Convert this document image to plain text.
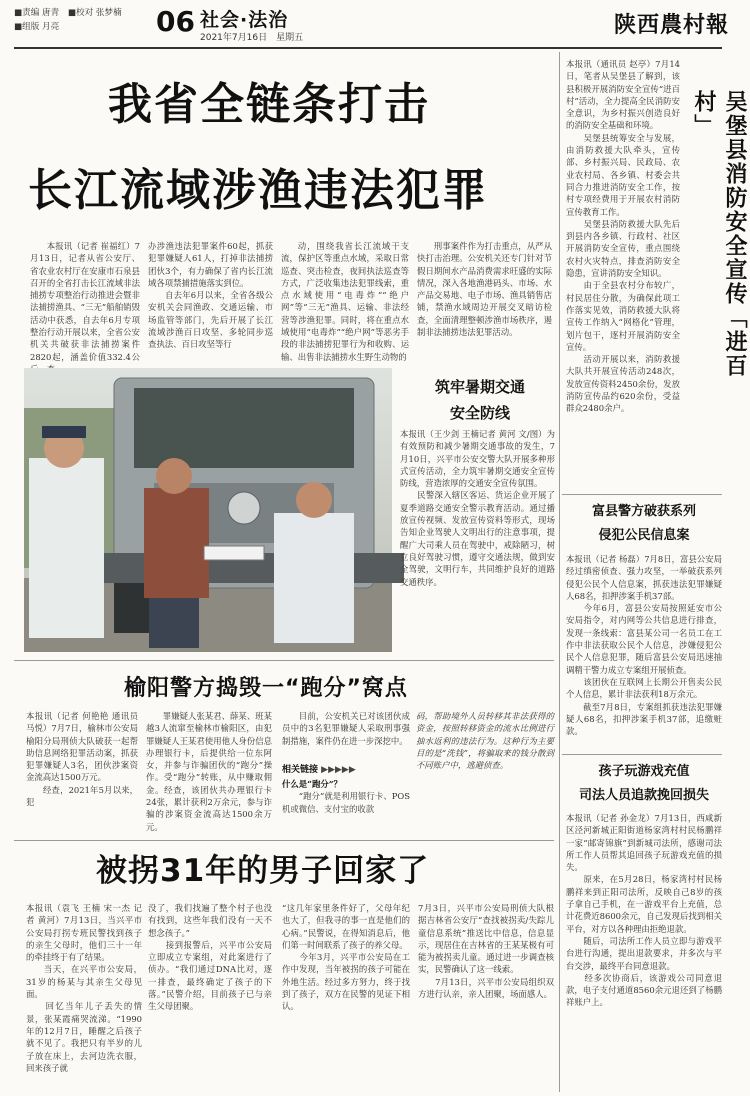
■责编 唐青　 ■校对 张梦楠
■组版 月亮	06 社会·法治
2021年7月16日　星期五	陕西農村報
我省全链条打击
长江流域涉渔违法犯罪

本报讯（记者 崔福红）7月13日，记者从省公安厅、省农业农村厅在安康市石泉县召开的全省打击长江流域非法捕捞专项整治行动推进会暨非法捕捞渔具、“三无”船舶销毁活动中获悉，自去年6月专项整治行动开展以来，全省公安机关共破获非法捕捞案件2820起，涵盖价值332.4公

办涉渔违法犯罪案件60起，抓获犯罪嫌疑人61人，打掉非法捕捞团伙3个，有力确保了省内长江流域各项禁捕措施落实到位。
　　自去年6月以来，全省各级公安机关会同渔政、交通运输、市场监管等部门，先后开展了长江流域涉渔百日攻坚、多轮同步巡查执法、百日攻坚等行

动，围绕我省长江流域干支流，保护区等重点水域，采取日常巡查、突击检查，夜间执法巡查等方式，广泛收集违法犯罪线索，重点水域使用“电毒炸”“绝户网”等“三无”渔具、运输、非法经营等涉渔犯罪。同时，将在重点水域使用“电毒炸”“绝户网”等恶劣手段的非法捕捞犯罪行为和收购、运输、出售非法捕捞水生野生动物的

刑事案件作为打击重点，从严从快打击治理。公安机关还专门针对节假日期间水产品消费需求旺盛的实际情况，深入各地渔港码头、市场、水产品交易地、电子市场、渔具销售店铺，禁渔水域周边开展交叉暗访检查，全面清理整顿涉渔市场秩序，遏制非法捕捞违法犯罪活动。

筑牢暑期交通
安全防线

本报讯（王少剑 王楠记者 黄河 文/图）为有效预防和减少暑期交通事故的发生，7月10日，兴平市公安交警大队开展多种形式宣传活动，全力筑牢暑期交通安全宣传防线，营造浓厚的交通安全宣传氛围。
　　民警深入辖区客运、货运企业开展了夏季道路交通安全警示教育活动。通过播放宣传视频、发放宣传资料等形式，现场告知企业驾驶人文明出行的注意事项，提醒广大司乘人员在驾驶中，戒除陋习，树立良好驾驶习惯，遵守交通法规，做到安全驾驶，文明行车，共同维护良好的道路交通秩序。

榆阳警方捣毁一“跑分”窝点

本报讯（记者 何艳艳 通讯员 马悦）7月7日，榆林市公安局榆阳分局刑侦大队破获一起帮助信息网络犯罪活动案，抓获犯罪嫌疑人3名，团伙涉案资金流高达1500万元。
　　经查，2021年5月以来，犯

罪嫌疑人张某君、薛某、班某越3人流窜至榆林市榆阳区，由犯罪嫌疑人王某君使用他人身份信息办理银行卡，后提供给一位东阿女，并参与诈骗团伙的“跑分”操作。受“跑分”转账，从中赚取佣金。经查，该团伙共办理银行卡24张，累计获利2万余元，参与诈骗的涉案资金流高达1500余万元。

目前，公安机关已对该团伙成员中的3名犯罪嫌疑人采取刑事强制措施，案件仍在进一步深挖中。

相关链接 ▶▶▶▶▶
什么是“跑分”？

“跑分”就是利用银行卡、POS机或微信、支付宝的收款

码，帮助境外人员转移其非法获得的资金，按照转移资金的流水比例进行抽水返利的违法行为。这种行为主要目的是“洗钱”，将骗取来的钱分散到不同账户中，逃避侦查。

被拐31年的男子回家了

本报讯（袁飞 王楠 宋一杰 记者 黄河）7月13日，当兴平市公安局打拐专班民警找到孩子的亲生父母时，他们三十一年的牵挂终于有了结果。
　　当天，在兴平市公安局，31岁的杨某与其亲生父母见面。
　　回忆当年儿子丢失的情景，张某霞痛哭流涕。“1990年的12月7日，睡醒之后孩子就不见了。我把只有半岁的儿子放在床上，去河边洗衣服，回来孩子就

没了，我们找遍了整个村子也没有找到，这些年我们没有一天不想念孩子。”
　　接到报警后，兴平市公安局立即成立专案组，对此案进行了侦办。“我们通过DNA比对，逐一排查，最终确定了孩子的下落。”民警介绍，目前孩子已与亲生父母团聚。

“这几年家里条件好了，父母年纪也大了，但我寻的事一直是他们的心病。”民警说，在得知消息后，他们第一时间联系了孩子的养父母。
　　今年3月，兴平市公安局在工作中发现，当年被拐的孩子可能在外地生活。经过多方努力，终于找到了孩子，双方在民警的见证下相认。

7月3日，兴平市公安局刑侦大队根据吉林省公安厅“查找被拐卖/失踪儿童信息系统”推送比中信息，信息显示，现居住在吉林省的王某某极有可能为被拐卖儿童。通过进一步调查核实，民警确认了这一线索。
　　7月13日，兴平市公安局组织双方进行认亲，亲人团聚，场面感人。

本报讯（通讯员 赵亭）7月14日，笔者从吴堡县了解到，该县积极开展消防安全宣传“进百村”活动，全力提高全民消防安全意识，为乡村振兴创造良好的消防安全基础和环境。
　　吴堡县统筹安全与发展，由消防救援大队牵头，宣传部、乡村振兴局、民政局、农业农村局、各乡镇、村委会共同合力推进消防安全工作，按村专项经费用于开展农村消防宣传教育工作。
　　吴堡县消防救援大队先后到县内各乡镇、行政村、社区开展消防安全宣传，重点围绕农村火灾特点，排查消防安全隐患，宣讲消防安全知识。
　　由于全县农村分布较广，村民居住分散，为确保此项工作落实见效，消防救援大队将宣传工作纳入“网格化”管理，划片包干，逐村开展消防安全宣传。
　　活动开展以来，消防救援大队共开展宣传活动248次，发放宣传资料2450余份，发放消防宣传品约620余份，受益群众2480余户。

吴堡县消防安全宣传「进百村」
富县警方破获系列
侵犯公民信息案

本报讯（记者 杨磊）7月8日，富县公安局经过缜密侦查、强力攻坚，一举破获系列侵犯公民个人信息案，抓获违法犯罪嫌疑人68名，扣押涉案手机37部。
　　今年6月，富县公安局按照延安市公安局指令，对内网等公共信息进行排查，发现一条线索：富县某公司一名员工在工作中非法获取公民个人信息，涉嫌侵犯公民个人信息犯罪，随后富县公安局迅速抽调精干警力成立专案组开展侦查。
　　该团伙在互联网上长期公开售卖公民个人信息，累计非法获利18万余元。
　　截至7月8日，专案组抓获违法犯罪嫌疑人68名，扣押涉案手机37部，追缴赃款。

孩子玩游戏充值
司法人员追款挽回损失

本报讯（记者 孙金龙）7月13日，西咸新区泾河新城正阳街道杨家湾村村民杨鹏祥一家“邮寄锦旗”到新城司法所，感谢司法所工作人员帮其追回孩子玩游戏充值的损失。
　　原来，在5月28日，杨家湾村村民杨鹏祥来到正阳司法所，反映自己8岁的孩子拿自己手机，在一游戏平台上充值，总计花费近8600余元，自己发现后找到相关平台，对方以各种理由拒绝退款。
　　随后，司法所工作人员立即与游戏平台进行沟通，提出退款要求，并多次与平台交涉，最终平台同意退款。
　　经多次协商后，该游戏公司同意退款，电子支付通道8560余元退还到了杨鹏祥账户上。
